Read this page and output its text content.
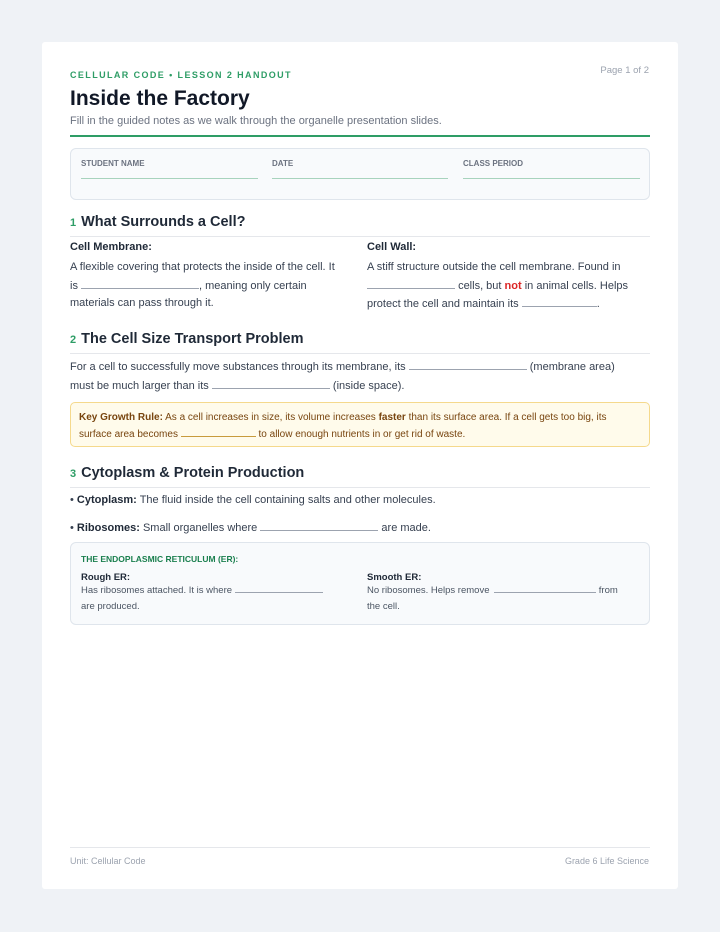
CELLULAR CODE • LESSON 2 HANDOUT	Page 1 of 2
Inside the Factory
Fill in the guided notes as we walk through the organelle presentation slides.
STUDENT NAME	DATE	CLASS PERIOD
1 What Surrounds a Cell?
Cell Membrane:
A flexible covering that protects the inside of the cell. It
is	, meaning only certain
materials can pass through it.
Cell Wall:
A stiff structure outside the cell membrane. Found in
cells, but not in animal cells. Helps
protect the cell and maintain its	.
2 The Cell Size Transport Problem
For a cell to successfully move substances through its membrane, its	(membrane area)
must be much larger than its	(inside space).
Key Growth Rule: As a cell increases in size, its volume increases faster than its surface area. If a cell gets too big, its
surface area becomes	to allow enough nutrients in or get rid of waste.
3 Cytoplasm & Protein Production
• Cytoplasm: The fluid inside the cell containing salts and other molecules.
• Ribosomes: Small organelles where	are made.
THE ENDOPLASMIC RETICULUM (ER):
Rough ER:
Has ribosomes attached. It is where
are produced.
Smooth ER:
No ribosomes. Helps remove	from
the cell.
Unit: Cellular Code	Grade 6 Life Science
